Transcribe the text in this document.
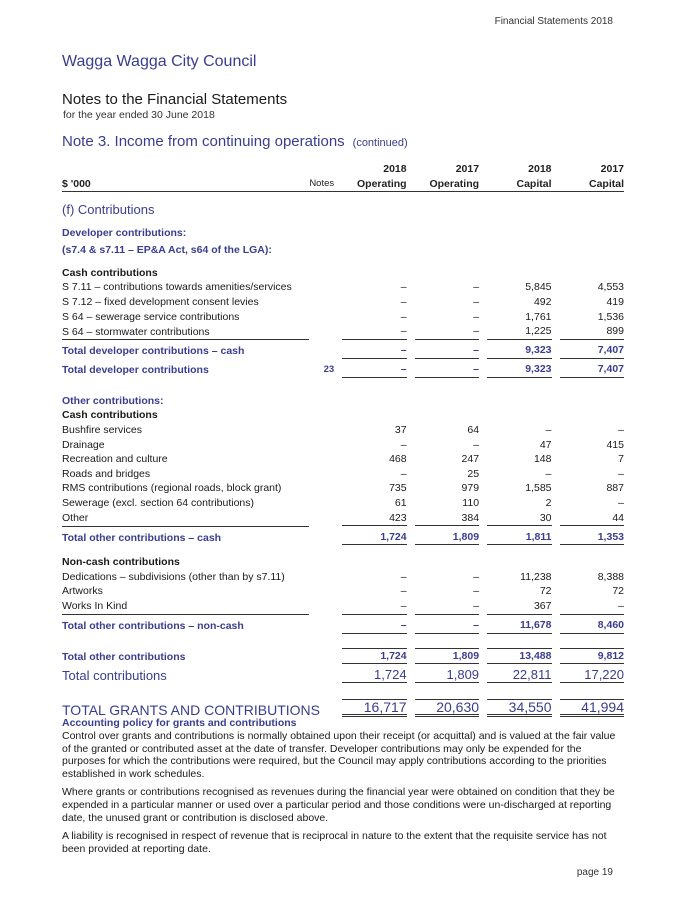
Financial Statements 2018
Wagga Wagga City Council
Notes to the Financial Statements
for the year ended 30 June 2018
Note 3. Income from continuing operations (continued)
		2018	2017	2018	2017
$ '000	Notes	Operating	Operating	Capital	Capital

(f) Contributions					

Developer contributions:					
(s7.4 & s7.11 – EP&A Act, s64 of the LGA):					

Cash contributions					
S 7.11 – contributions towards amenities/services		–	–	5,845	4,553

S 7.12 – fixed development consent levies		–	–	492	419

S 64 – sewerage service contributions		–	–	1,761	1,536

S 64 – stormwater contributions		–	–	1,225	899

Total developer contributions – cash		–	–	9,323	7,407

Total developer contributions	23	–	–	9,323	7,407

Other contributions:					
Cash contributions					
Bushfire services		37	64	–	–

Drainage		–	–	47	415

Recreation and culture		468	247	148	7

Roads and bridges		–	25	–	–

RMS contributions (regional roads, block grant)		735	979	1,585	887

Sewerage (excl. section 64 contributions)		61	110	2	–

Other		423	384	30	44

Total other contributions – cash		1,724	1,809	1,811	1,353

Non-cash contributions					
Dedications – subdivisions (other than by s7.11)		–	–	11,238	8,388

Artworks		–	–	72	72

Works In Kind		–	–	367	–

Total other contributions – non-cash		–	–	11,678	8,460

Total other contributions		1,724	1,809	13,488	9,812

Total contributions		1,724	1,809	22,811	17,220

TOTAL GRANTS AND CONTRIBUTIONS		16,717	20,630	34,550	41,994
Accounting policy for grants and contributions

Control over grants and contributions is normally obtained upon their receipt (or acquittal) and is valued at the fair value of the granted or contributed asset at the date of transfer. Developer contributions may only be expended for the purposes for which the contributions were required, but the Council may apply contributions according to the priorities established in work schedules.

Where grants or contributions recognised as revenues during the financial year were obtained on condition that they be expended in a particular manner or used over a particular period and those conditions were un-discharged at reporting date, the unused grant or contribution is disclosed above.

A liability is recognised in respect of revenue that is reciprocal in nature to the extent that the requisite service has not been provided at reporting date.

page 19
